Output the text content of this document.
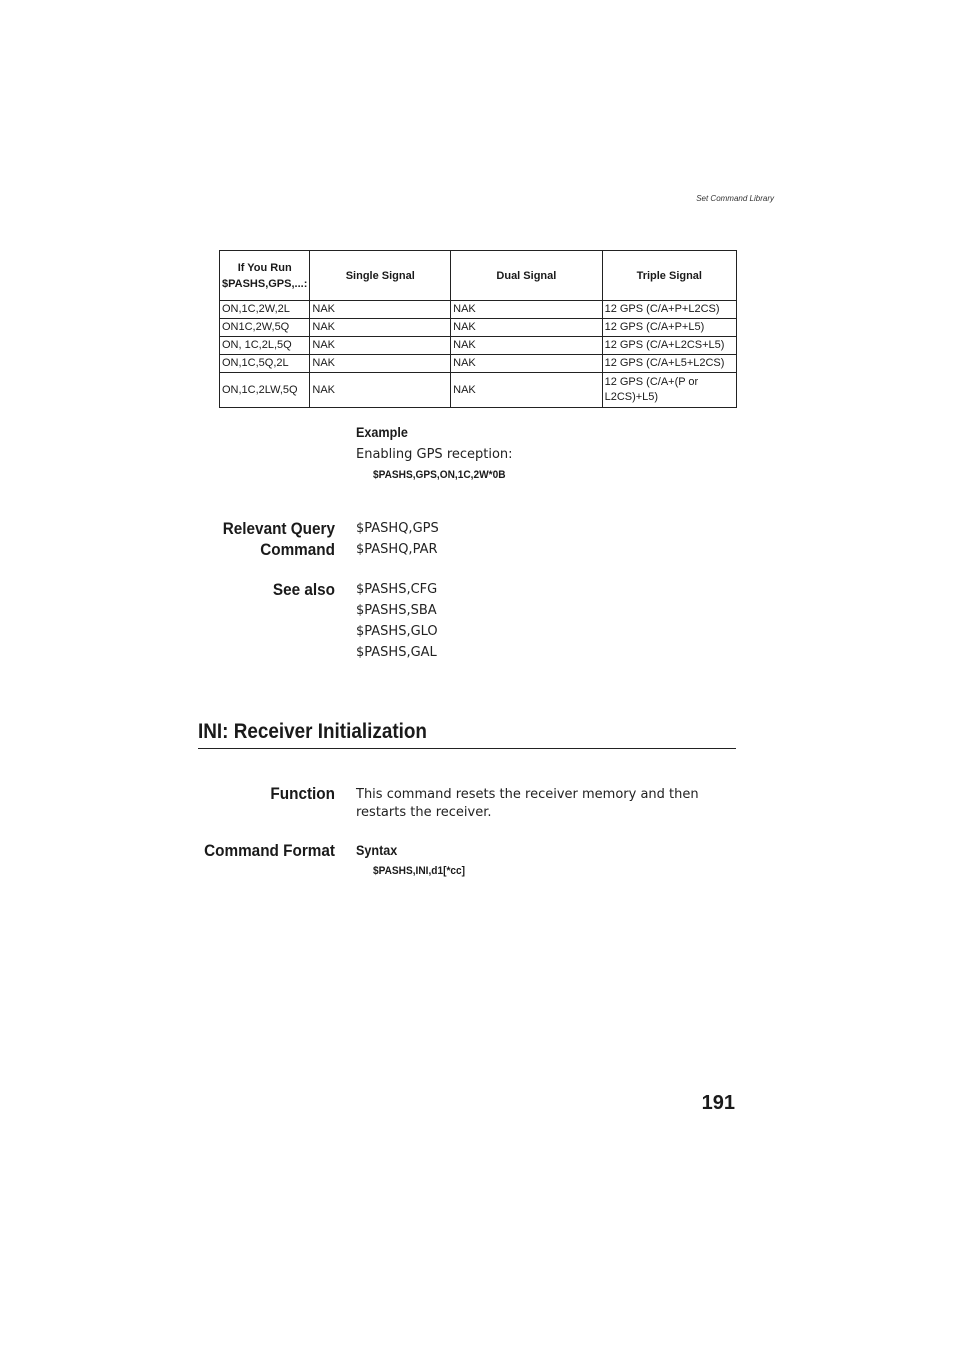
Set Command Library
If You Run $PASHS,GPS,...:	Single Signal	Dual Signal	Triple Signal
ON,1C,2W,2L	NAK	NAK	12 GPS (C/A+P+L2CS)
ON1C,2W,5Q	NAK	NAK	12 GPS (C/A+P+L5)
ON, 1C,2L,5Q	NAK	NAK	12 GPS (C/A+L2CS+L5)
ON,1C,5Q,2L	NAK	NAK	12 GPS (C/A+L5+L2CS)
ON,1C,2LW,5Q	NAK	NAK	12 GPS (C/A+(P or L2CS)+L5)
Example
Enabling GPS reception:
$PASHS,GPS,ON,1C,2W*0B
Relevant Query
Command
$PASHQ,GPS
$PASHQ,PAR
See also $PASHS,CFG
$PASHS,SBA
$PASHS,GLO
$PASHS,GAL
INI: Receiver Initialization
Function This command resets the receiver memory and then restarts the receiver.
Command Format Syntax
$PASHS,INI,d1[*cc]
191
